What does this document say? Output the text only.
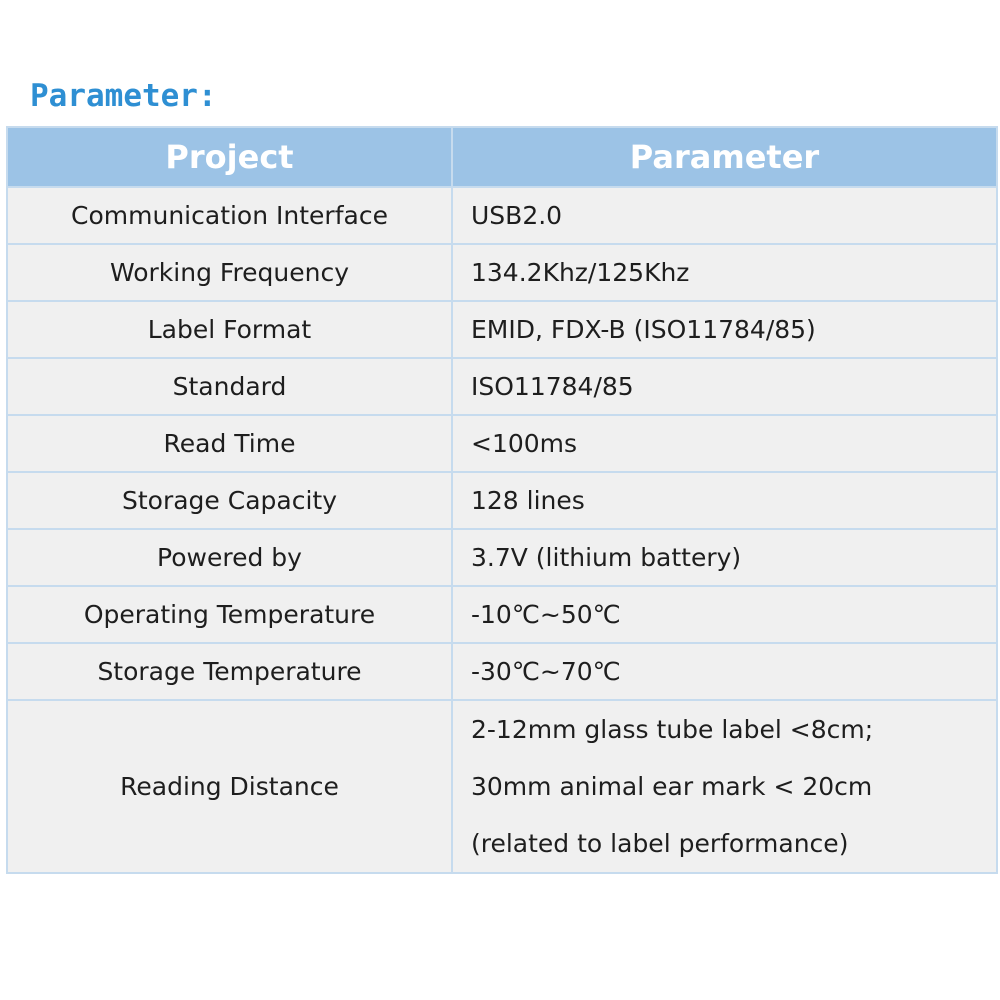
Parameter:
Project	Parameter
Communication Interface	USB2.0
Working Frequency	134.2Khz/125Khz
Label Format	EMID, FDX-B (ISO11784/85)
Standard	ISO11784/85
Read Time	<100ms
Storage Capacity	128 lines
Powered by	3.7V (lithium battery)
Operating Temperature	-10℃~50℃
Storage Temperature	-30℃~70℃
Reading Distance	2-12mm glass tube label <8cm;
30mm animal ear mark < 20cm
(related to label performance)
